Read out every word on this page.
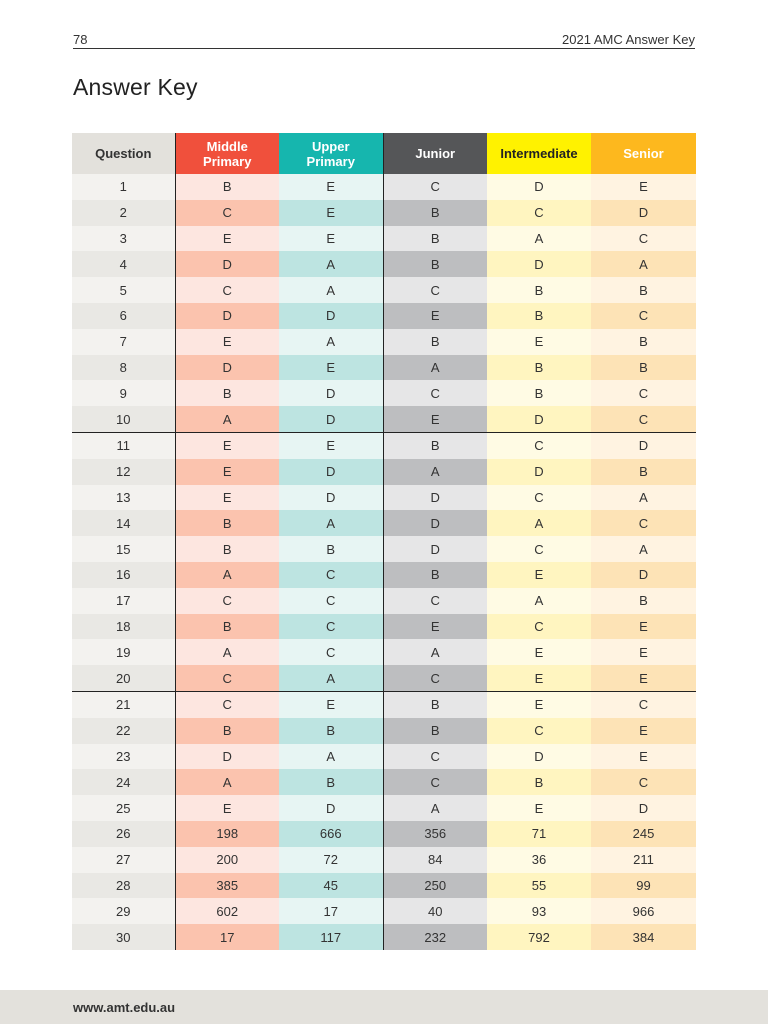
78	2021 AMC Answer Key
Answer Key
Question	Middle Primary	Upper Primary	Junior	Intermediate	Senior
1	B	E	C	D	E
2	C	E	B	C	D
3	E	E	B	A	C
4	D	A	B	D	A
5	C	A	C	B	B
6	D	D	E	B	C
7	E	A	B	E	B
8	D	E	A	B	B
9	B	D	C	B	C
10	A	D	E	D	C
11	E	E	B	C	D
12	E	D	A	D	B
13	E	D	D	C	A
14	B	A	D	A	C
15	B	B	D	C	A
16	A	C	B	E	D
17	C	C	C	A	B
18	B	C	E	C	E
19	A	C	A	E	E
20	C	A	C	E	E
21	C	E	B	E	C
22	B	B	B	C	E
23	D	A	C	D	E
24	A	B	C	B	C
25	E	D	A	E	D
26	198	666	356	71	245
27	200	72	84	36	211
28	385	45	250	55	99
29	602	17	40	93	966
30	17	117	232	792	384
www.amt.edu.au
